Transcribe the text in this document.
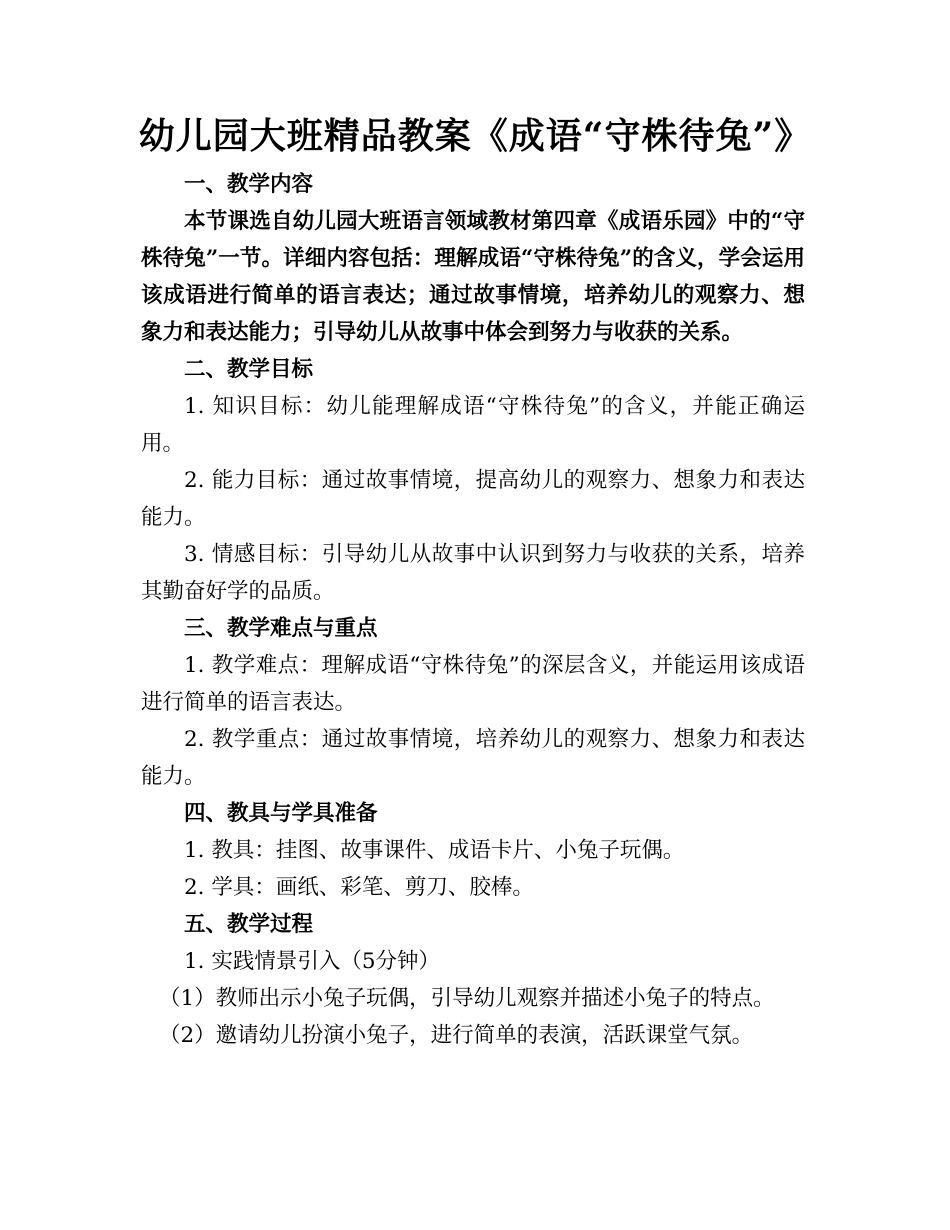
幼儿园大班精品教案《成语“守株待兔”》

一、教学内容

本节课选自幼儿园大班语言领域教材第四章《成语乐园》中的“守株待兔”一节。详细内容包括：理解成语“守株待兔”的含义，学会运用该成语进行简单的语言表达；通过故事情境，培养幼儿的观察力、想象力和表达能力；引导幼儿从故事中体会到努力与收获的关系。

二、教学目标

1. 知识目标：幼儿能理解成语“守株待兔”的含义，并能正确运用。

2. 能力目标：通过故事情境，提高幼儿的观察力、想象力和表达能力。

3. 情感目标：引导幼儿从故事中认识到努力与收获的关系，培养其勤奋好学的品质。

三、教学难点与重点

1. 教学难点：理解成语“守株待兔”的深层含义，并能运用该成语进行简单的语言表达。

2. 教学重点：通过故事情境，培养幼儿的观察力、想象力和表达能力。

四、教具与学具准备

1. 教具：挂图、故事课件、成语卡片、小兔子玩偶。

2. 学具：画纸、彩笔、剪刀、胶棒。

五、教学过程

1. 实践情景引入（5分钟）

（1）教师出示小兔子玩偶，引导幼儿观察并描述小兔子的特点。

（2）邀请幼儿扮演小兔子，进行简单的表演，活跃课堂气氛。
